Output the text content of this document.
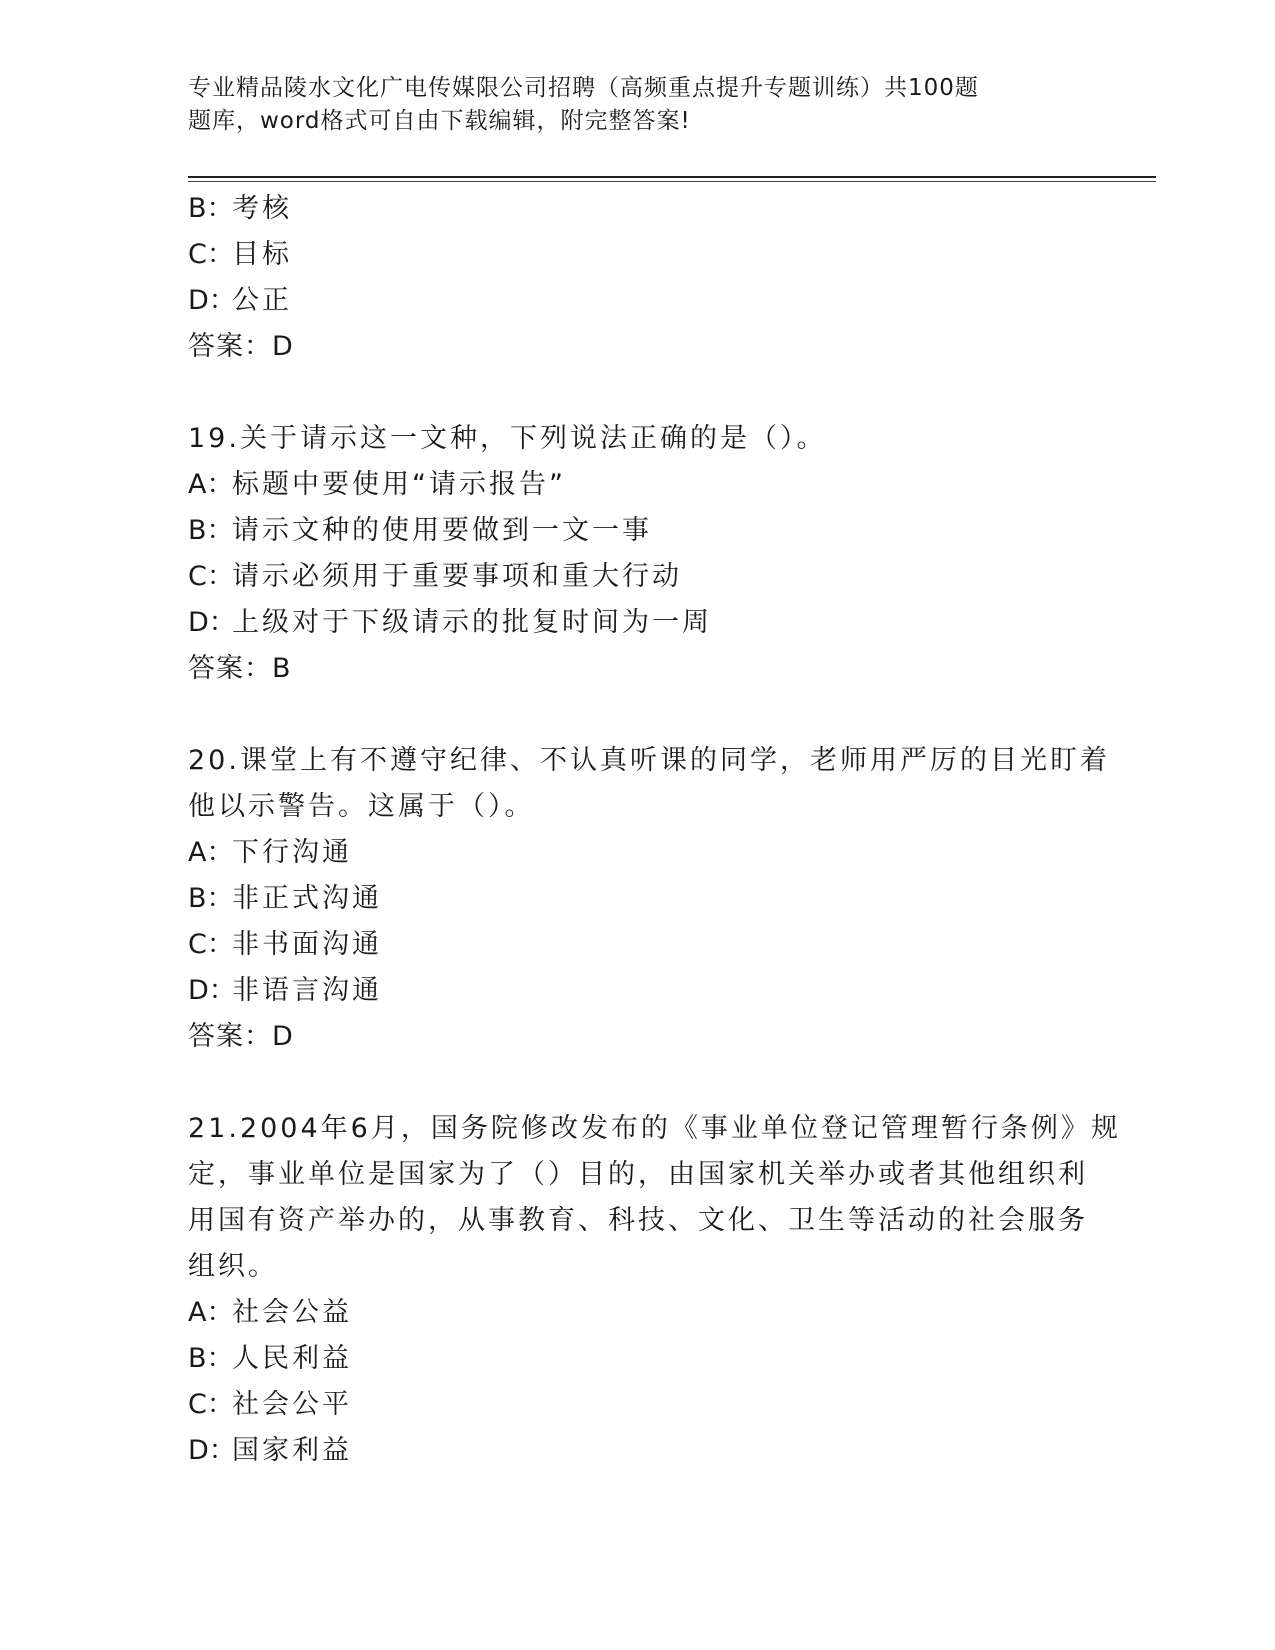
专业精品陵水文化广电传媒限公司招聘（高频重点提升专题训练）共100题
题库，word格式可自由下载编辑，附完整答案!
B：考核
C：目标
D：公正
答案：D
19.关于请示这一文种，下列说法正确的是（）。
A：标题中要使用“请示报告”
B：请示文种的使用要做到一文一事
C：请示必须用于重要事项和重大行动
D：上级对于下级请示的批复时间为一周
答案：B
20.课堂上有不遵守纪律、不认真听课的同学，老师用严厉的目光盯着
他以示警告。这属于（）。
A：下行沟通
B：非正式沟通
C：非书面沟通
D：非语言沟通
答案：D
21.2004年6月，国务院修改发布的《事业单位登记管理暂行条例》规
定，事业单位是国家为了（）目的，由国家机关举办或者其他组织利
用国有资产举办的，从事教育、科技、文化、卫生等活动的社会服务
组织。
A：社会公益
B：人民利益
C：社会公平
D：国家利益
